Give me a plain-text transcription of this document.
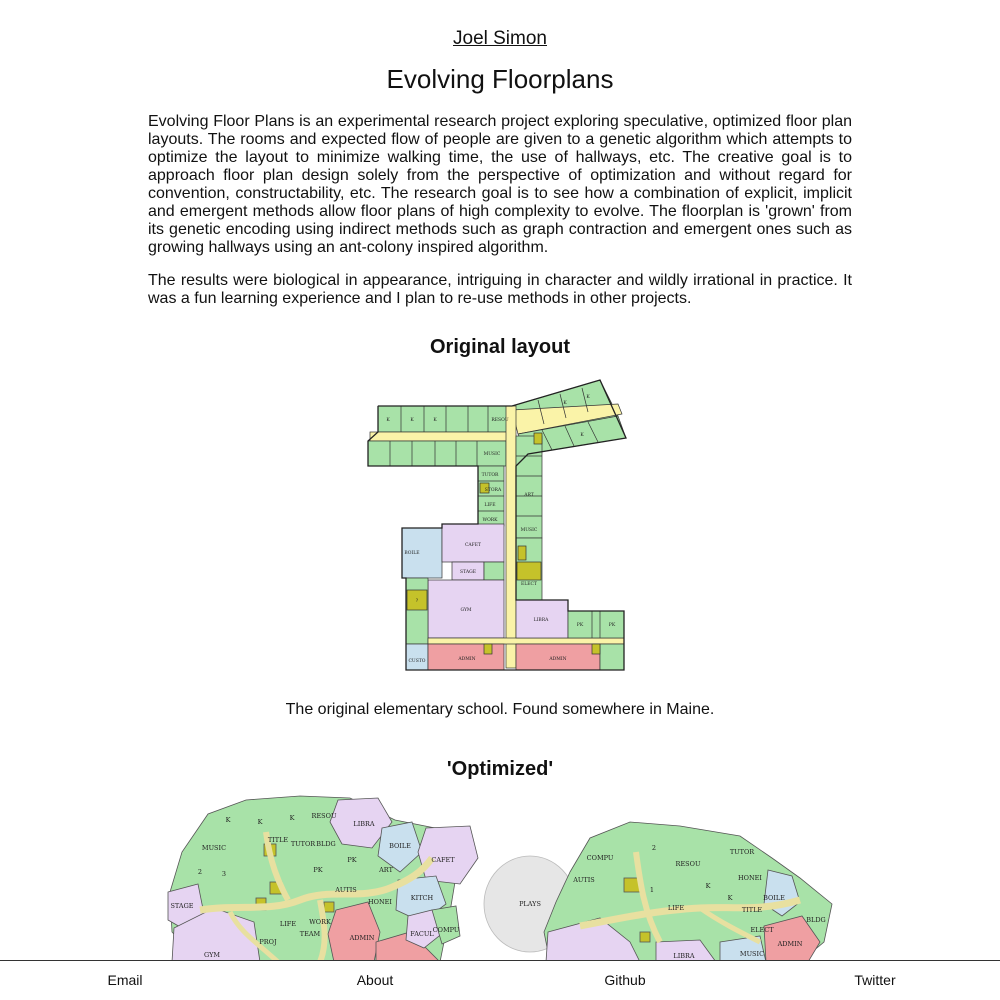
Joel Simon
Evolving Floorplans

Evolving Floor Plans is an experimental research project exploring speculative, optimized floor plan layouts. The rooms and expected flow of people are given to a genetic algorithm which attempts to optimize the layout to minimize walking time, the use of hallways, etc. The creative goal is to approach floor plan design solely from the perspective of optimization and without regard for convention, constructability, etc. The research goal is to see how a combination of explicit, implicit and emergent methods allow floor plans of high complexity to evolve. The floorplan is 'grown' from its genetic encoding using indirect methods such as graph contraction and emergent ones such as growing hallways using an ant-colony inspired algorithm.

The results were biological in appearance, intriguing in character and wildly irrational in practice. It was a fun learning experience and I plan to re-use methods in other projects.

Original layout
K	K	K	RESOU
MUSIC
TUTOR
STORA
LIFE
WORK
ART
MUSIC
BOILE
CAFET
STAGE
GYM
ELECT
LIBRA
ADMIN	ADMIN
CUSTO
PK	PK
K
K
K
?
The original elementary school. Found somewhere in Maine.
'Optimized'
K	K	K	RESOU
LIBRA
MUSIC
TITLE TUTOR BLDG	BOILE
CAFET
PK
PK	ART
AUTIS
HONEI	KITCH
STAGE
WORK
LIFE
TEAM
PROJ	ADMIN	FACUL
COMPU
GYM
PLAYS
COMPU
AUTIS
RESOU
TUTOR
HONEI
BOILE
TITLE
BLDG
ELECT
ADMIN
LIFE
K
K
LIBRA	MUSIC
1
2
2	3
Email	About	Github	Twitter
